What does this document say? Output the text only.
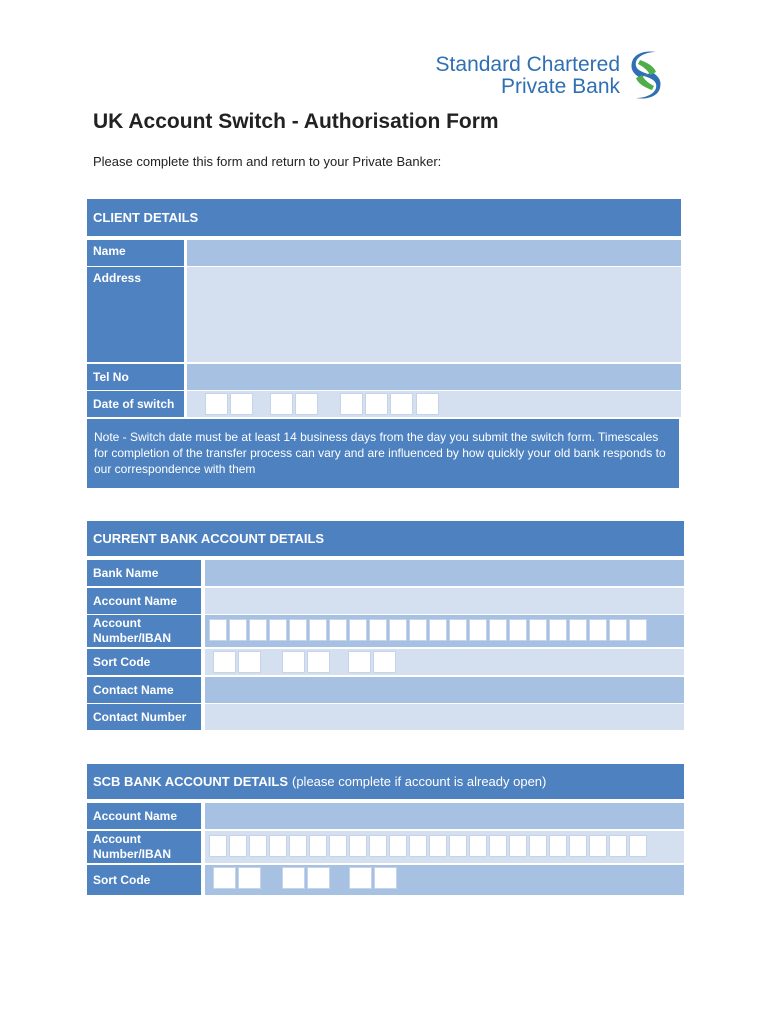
Standard Chartered
Private Bank
UK Account Switch - Authorisation Form
Please complete this form and return to your Private Banker:
CLIENT DETAILS
Name
Address
Tel No
Date of switch
Note - Switch date must be at least 14 business days from the day you submit the switch form. Timescales for completion of the transfer process can vary and are influenced by how quickly your old bank responds to our correspondence with them
CURRENT BANK ACCOUNT DETAILS
Bank Name
Account Name
Account Number/IBAN
Sort Code
Contact Name
Contact Number
SCB BANK ACCOUNT DETAILS (please complete if account is already open)
Account Name
Account Number/IBAN
Sort Code
